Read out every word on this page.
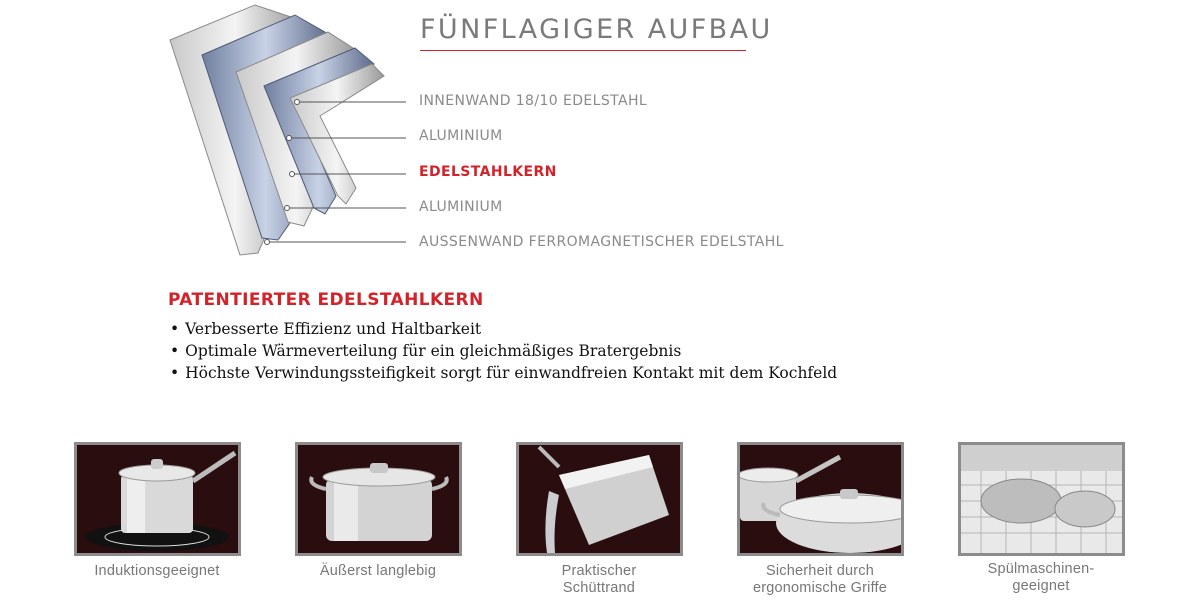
FÜNFLAGIGER AUFBAU
INNENWAND 18/10 EDELSTAHL
ALUMINIUM
EDELSTAHLKERN
ALUMINIUM
AUSSENWAND FERROMAGNETISCHER EDELSTAHL
PATENTIERTER EDELSTAHLKERN
• Verbesserte Effizienz und Haltbarkeit
• Optimale Wärmeverteilung für ein gleichmäßiges Bratergebnis
• Höchste Verwindungssteifigkeit sorgt für einwandfreien Kontakt mit dem Kochfeld
Induktionsgeeignet	Äußerst langlebig	Praktischer
Schüttrand
Sicherheit durch
ergonomische Griffe
Spülmaschinen-
geeignet
